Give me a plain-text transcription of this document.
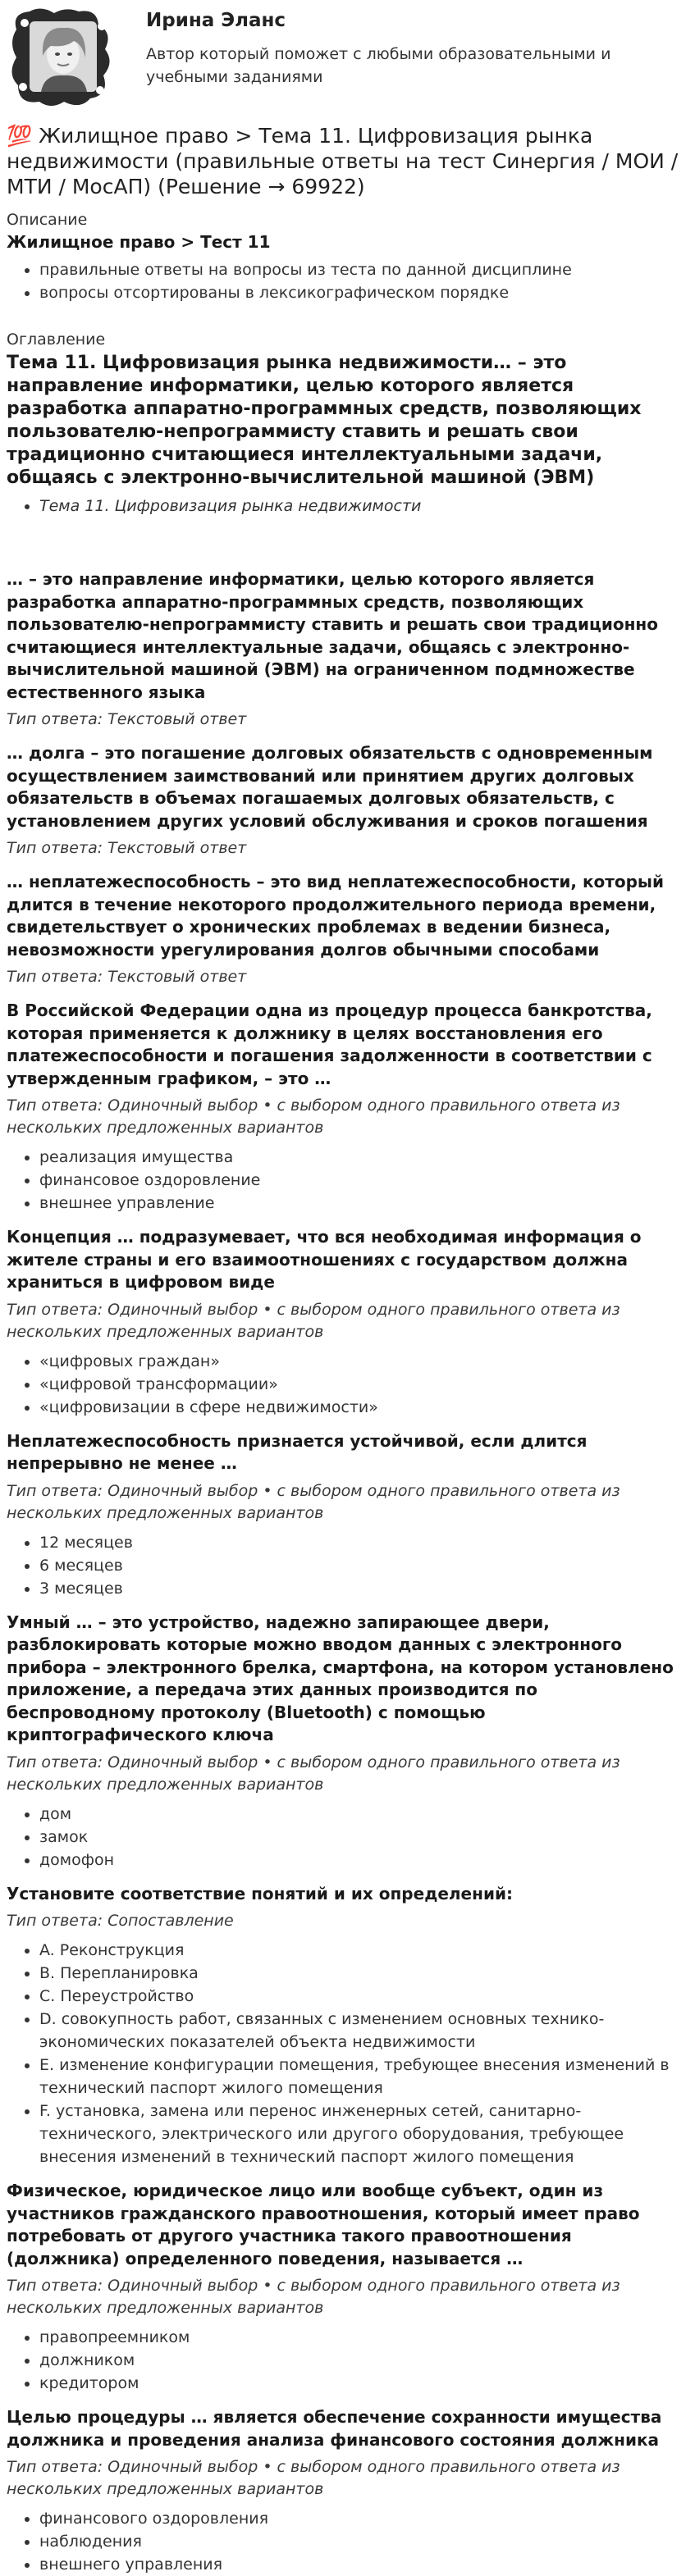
Ирина Эланс
Автор который поможет с любыми образовательными и учебными заданиями
💯 Жилищное право > Тема 11. Цифровизация рынка недвижимости (правильные ответы на тест Синергия / МОИ / МТИ / МосАП) (Решение → 69922)
Описание
Жилищное право > Тест 11
• правильные ответы на вопросы из теста по данной дисциплине
• вопросы отсортированы в лексикографическом порядке
Оглавление
Тема 11. Цифровизация рынка недвижимости… – это направление информатики, целью которого является разработка аппаратно-программных средств, позволяющих пользователю-непрограммисту ставить и решать свои традиционно считающиеся интеллектуальными задачи, общаясь с электронно-вычислительной машиной (ЭВМ)
• Тема 11. Цифровизация рынка недвижимости
… – это направление информатики, целью которого является разработка аппаратно-программных средств, позволяющих пользователю-непрограммисту ставить и решать свои традиционно считающиеся интеллектуальные задачи, общаясь с электронно-вычислительной машиной (ЭВМ) на ограниченном подмножестве естественного языка
Тип ответа: Текстовый ответ
… долга – это погашение долговых обязательств с одновременным осуществлением заимствований или принятием других долговых обязательств в объемах погашаемых долговых обязательств, с установлением других условий обслуживания и сроков погашения
Тип ответа: Текстовый ответ
… неплатежеспособность – это вид неплатежеспособности, который длится в течение некоторого продолжительного периода времени, свидетельствует о хронических проблемах в ведении бизнеса, невозможности урегулирования долгов обычными способами
Тип ответа: Текстовый ответ
В Российской Федерации одна из процедур процесса банкротства, которая применяется к должнику в целях восстановления его платежеспособности и погашения задолженности в соответствии с утвержденным графиком, – это …
Тип ответа: Одиночный выбор • с выбором одного правильного ответа из нескольких предложенных вариантов
• реализация имущества
• финансовое оздоровление
• внешнее управление
Концепция … подразумевает, что вся необходимая информация о жителе страны и его взаимоотношениях с государством должна храниться в цифровом виде
Тип ответа: Одиночный выбор • с выбором одного правильного ответа из нескольких предложенных вариантов
• «цифровых граждан»
• «цифровой трансформации»
• «цифровизации в сфере недвижимости»
Неплатежеспособность признается устойчивой, если длится непрерывно не менее …
Тип ответа: Одиночный выбор • с выбором одного правильного ответа из нескольких предложенных вариантов
• 12 месяцев
• 6 месяцев
• 3 месяцев
Умный … – это устройство, надежно запирающее двери, разблокировать которые можно вводом данных с электронного прибора – электронного брелка, смартфона, на котором установлено приложение, а передача этих данных производится по беспроводному протоколу (Bluetooth) с помощью криптографического ключа
Тип ответа: Одиночный выбор • с выбором одного правильного ответа из нескольких предложенных вариантов
• дом
• замок
• домофон
Установите соответствие понятий и их определений:
Тип ответа: Сопоставление
• A. Реконструкция
• B. Перепланировка
• C. Переустройство
• D. совокупность работ, связанных с изменением основных технико-экономических показателей объекта недвижимости
• E. изменение конфигурации помещения, требующее внесения изменений в технический паспорт жилого помещения
• F. установка, замена или перенос инженерных сетей, санитарно-технического, электрического или другого оборудования, требующее внесения изменений в технический паспорт жилого помещения
Физическое, юридическое лицо или вообще субъект, один из участников гражданского правоотношения, который имеет право потребовать от другого участника такого правоотношения (должника) определенного поведения, называется …
Тип ответа: Одиночный выбор • с выбором одного правильного ответа из нескольких предложенных вариантов
• правопреемником
• должником
• кредитором
Целью процедуры … является обеспечение сохранности имущества должника и проведения анализа финансового состояния должника
Тип ответа: Одиночный выбор • с выбором одного правильного ответа из нескольких предложенных вариантов
• финансового оздоровления
• наблюдения
• внешнего управления
